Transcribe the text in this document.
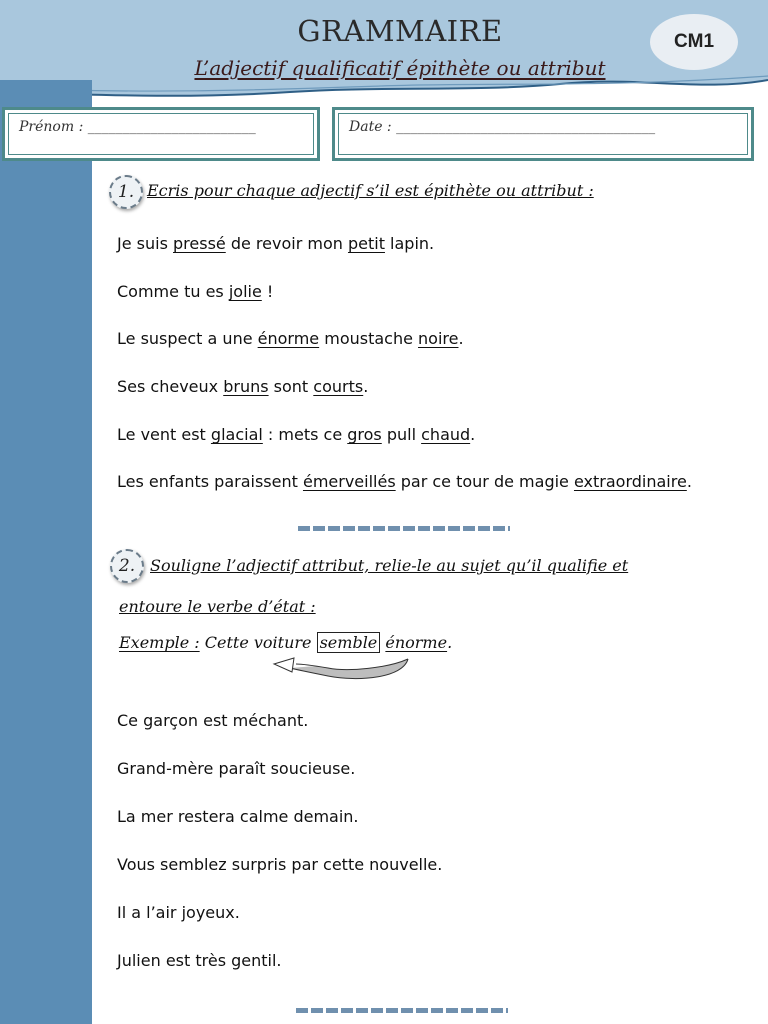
GRAMMAIRE
L’adjectif qualificatif épithète ou attribut
CM1
Prénom : ________________________	Date : _____________________________________
1. Ecris pour chaque adjectif s’il est épithète ou attribut :
Je suis pressé de revoir mon petit lapin.
Comme tu es jolie !
Le suspect a une énorme moustache noire.
Ses cheveux bruns sont courts.
Le vent est glacial : mets ce gros pull chaud.
Les enfants paraissent émerveillés par ce tour de magie extraordinaire.
2. Souligne l’adjectif attribut, relie-le au sujet qu’il qualifie et
entoure le verbe d’état :
Exemple : Cette voiture semble énorme.
Ce garçon est méchant.
Grand-mère paraît soucieuse.
La mer restera calme demain.
Vous semblez surpris par cette nouvelle.
Il a l’air joyeux.
Julien est très gentil.
